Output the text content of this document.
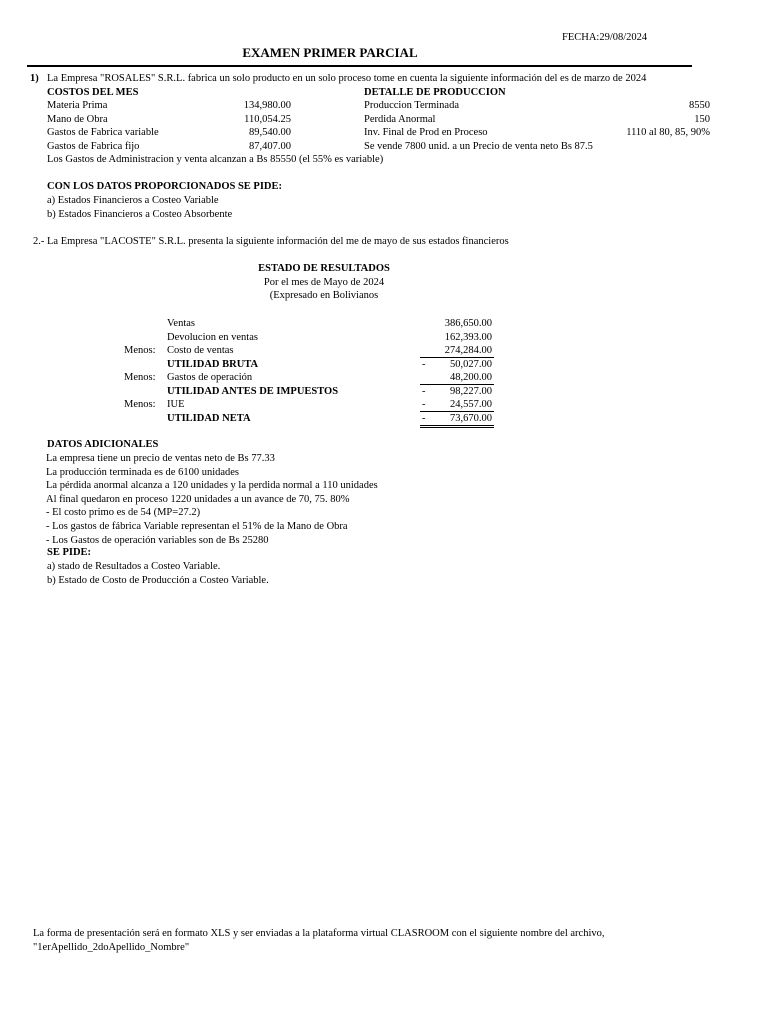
FECHA:29/08/2024
EXAMEN PRIMER PARCIAL
1) La Empresa "ROSALES" S.R.L. fabrica un solo producto en un solo proceso tome en cuenta la siguiente información del es de marzo de 2024
COSTOS DEL MES
Materia Prima	134,980.00
Mano de Obra	110,054.25
Gastos de Fabrica variable	89,540.00
Gastos de Fabrica fijo	87,407.00
DETALLE DE PRODUCCION
Produccion Terminada	8550
Perdida Anormal	150
Inv. Final de Prod en Proceso	1110 al 80, 85, 90%
Se vende 7800 unid. a un Precio de venta neto Bs 87.5
Los Gastos de Administracion y venta alcanzan a Bs 85550 (el 55% es variable)
CON LOS DATOS PROPORCIONADOS SE PIDE:
a) Estados Financieros a Costeo Variable
b) Estados Financieros a Costeo Absorbente
2.- La Empresa "LACOSTE" S.R.L. presenta la siguiente información del me de mayo de sus estados financieros
ESTADO DE RESULTADOS
Por el mes de Mayo de 2024
(Expresado en Bolivianos
Ventas	386,650.00
Devolucion en ventas	162,393.00
Menos: Costo de ventas	274,284.00
UTILIDAD BRUTA	-	50,027.00
Menos: Gastos de operación	48,200.00
UTILIDAD ANTES DE IMPUESTOS	-	98,227.00
Menos: IUE	-	24,557.00
UTILIDAD NETA	-	73,670.00
DATOS ADICIONALES
La empresa tiene un precio de ventas neto de Bs 77.33
La producción terminada es de 6100 unidades
La pérdida anormal alcanza a 120 unidades y la perdida normal a 110 unidades
Al final quedaron en proceso 1220 unidades a un avance de 70, 75. 80%
- El costo primo es de 54 (MP=27.2)
- Los gastos de fábrica Variable representan el 51% de la Mano de Obra
- Los Gastos de operación variables son de Bs 25280
SE PIDE:
a) stado de Resultados a Costeo Variable.
b) Estado de Costo de Producción a Costeo Variable.
La forma de presentación será en formato XLS y ser enviadas a la plataforma virtual CLASROOM con el siguiente nombre del archivo,
"1erApellido_2doApellido_Nombre"
